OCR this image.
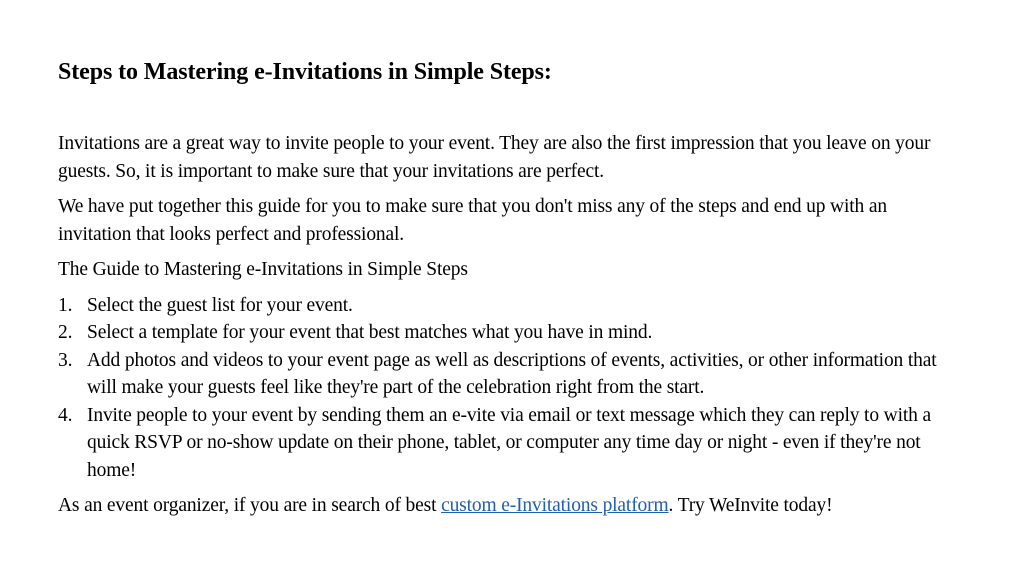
Steps to Mastering e-Invitations in Simple Steps:

Invitations are a great way to invite people to your event. They are also the first impression that you leave on your guests. So, it is important to make sure that your invitations are perfect.

We have put together this guide for you to make sure that you don't miss any of the steps and end up with an invitation that looks perfect and professional.

The Guide to Mastering e-Invitations in Simple Steps

1. Select the guest list for your event.
2. Select a template for your event that best matches what you have in mind.
3. Add photos and videos to your event page as well as descriptions of events, activities, or other information that will make your guests feel like they're part of the celebration right from the start.
4. Invite people to your event by sending them an e-vite via email or text message which they can reply to with a quick RSVP or no-show update on their phone, tablet, or computer any time day or night - even if they're not home!

As an event organizer, if you are in search of best custom e-Invitations platform. Try WeInvite today!
